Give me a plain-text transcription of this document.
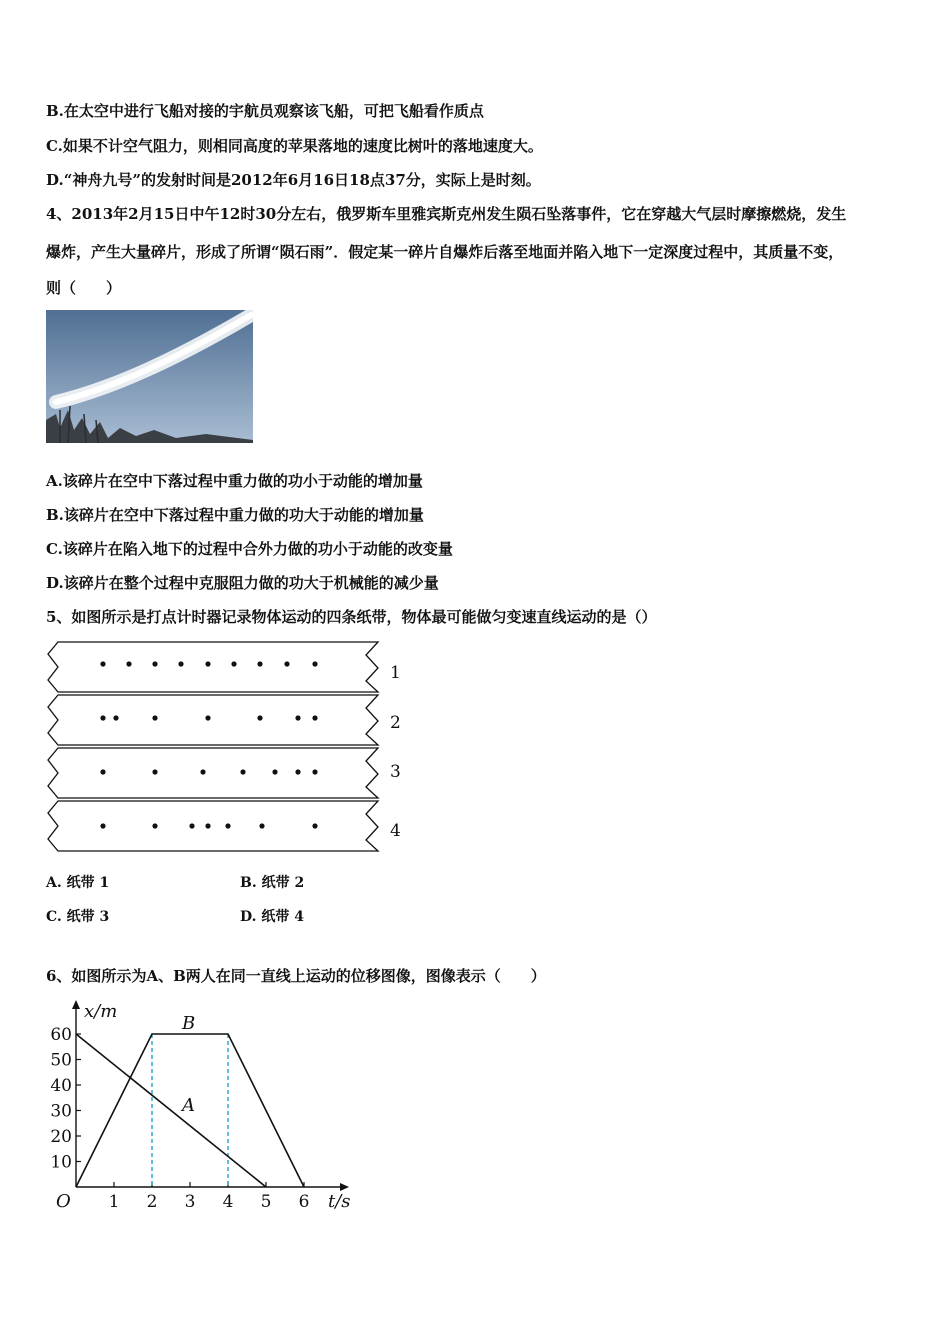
B.在太空中进行飞船对接的宇航员观察该飞船，可把飞船看作质点
C.如果不计空气阻力，则相同高度的苹果落地的速度比树叶的落地速度大。
D.“神舟九号”的发射时间是2012年6月16日18点37分，实际上是时刻。
4、2013年2月15日中午12时30分左右，俄罗斯车里雅宾斯克州发生陨石坠落事件，它在穿越大气层时摩擦燃烧，发生
爆炸，产生大量碎片，形成了所谓“陨石雨”．假定某一碎片自爆炸后落至地面并陷入地下一定深度过程中，其质量不变，
则（　　）
A.该碎片在空中下落过程中重力做的功小于动能的增加量
B.该碎片在空中下落过程中重力做的功大于动能的增加量
C.该碎片在陷入地下的过程中合外力做的功小于动能的改变量
D.该碎片在整个过程中克服阻力做的功大于机械能的减少量
5、如图所示是打点计时器记录物体运动的四条纸带，物体最可能做匀变速直线运动的是（）
1
2
3
4
A. 纸带 1	B. 纸带 2
C. 纸带 3	D. 纸带 4
6、如图所示为A、B两人在同一直线上运动的位移图像，图像表示（　　）
10
20
30
40
50
60
1 2 3 4 5 6
x/m
t/s
O
B
A
